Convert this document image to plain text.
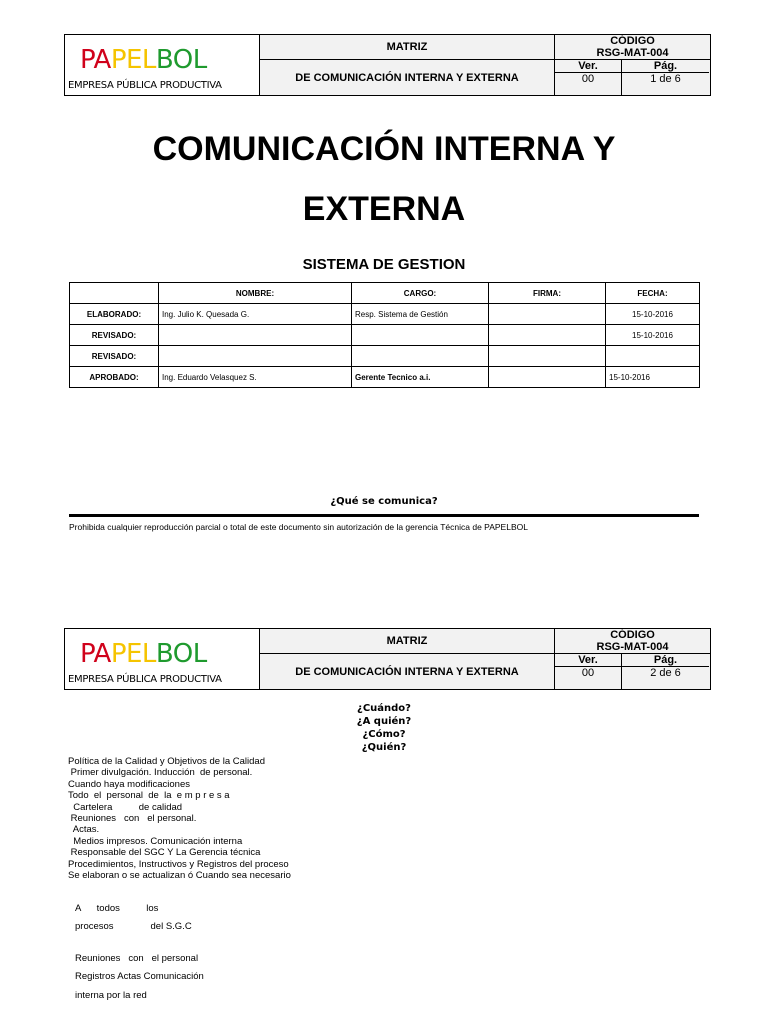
PAPELBOL
EMPRESA PÚBLICA PRODUCTIVA
MATRIZ
DE COMUNICACIÓN INTERNA Y EXTERNA
CÓDIGO
RSG-MAT-004
Ver.
00
Pág.
1 de 6
COMUNICACIÓN INTERNA Y
EXTERNA
SISTEMA DE GESTION
	NOMBRE:	CARGO:	FIRMA:	FECHA:
ELABORADO:	Ing. Julio K. Quesada G.	Resp. Sistema de Gestión		15-10-2016
REVISADO:				15-10-2016
REVISADO:				
APROBADO:	Ing. Eduardo Velasquez S.	Gerente Tecnico a.i.		15-10-2016
¿Qué se comunica?
Prohibida cualquier reproducción parcial o total de este documento sin autorización de la gerencia Técnica de PAPELBOL
PAPELBOL
EMPRESA PÚBLICA PRODUCTIVA
MATRIZ
DE COMUNICACIÓN INTERNA Y EXTERNA
CÓDIGO
RSG-MAT-004
Ver.
00
Pág.
2 de 6
¿Cuándo?
¿A quién?
¿Cómo?
¿Quién?
Política de la Calidad y Objetivos de la Calidad
Primer divulgación. Inducción  de personal.
Cuando haya modificaciones
Todo  el  personal  de  la  e m p r e s a
Cartelera          de calidad
Reuniones   con   el personal.
Actas.
Medios impresos. Comunicación interna
Responsable del SGC Y La Gerencia técnica
Procedimientos, Instructivos y Registros del proceso
Se elaboran o se actualizan ó Cuando sea necesario
A      todos          los
procesos              del S.G.C
Reuniones   con   el personal
Registros Actas Comunicación
interna por la red
